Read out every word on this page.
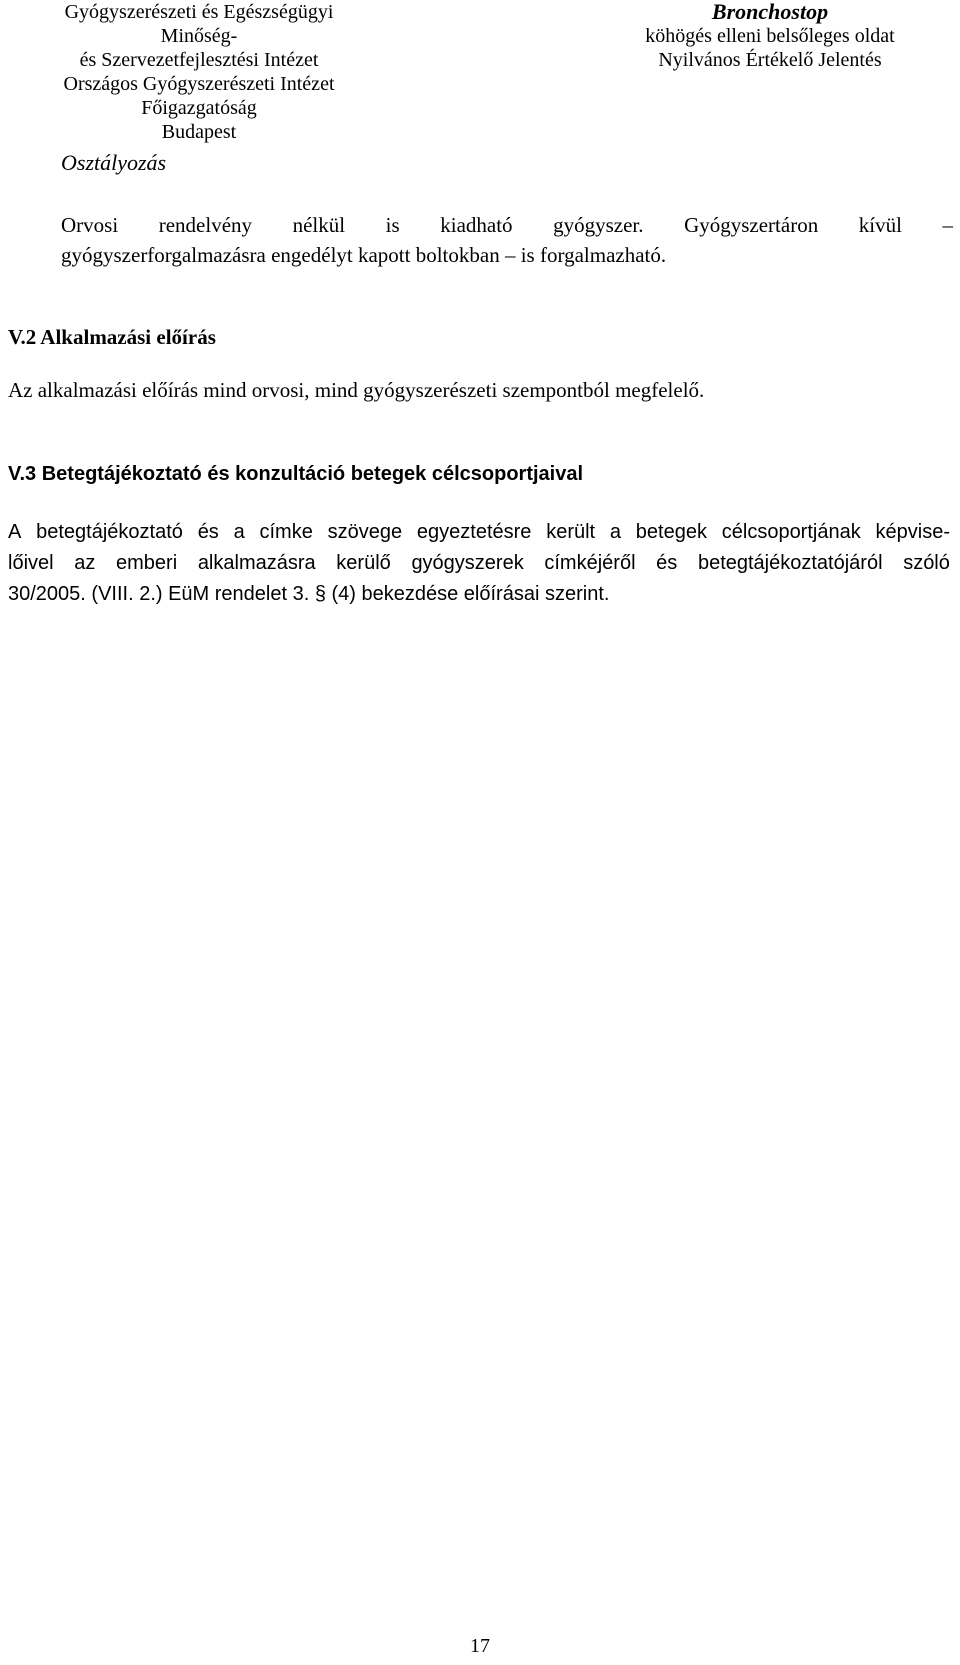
Gyógyszerészeti és Egészségügyi Minőség-
és Szervezetfejlesztési Intézet
Országos Gyógyszerészeti Intézet
Főigazgatóság
Budapest
Bronchostop
köhögés elleni belsőleges oldat
Nyilvános Értékelő Jelentés
Osztályozás
Orvosi rendelvény nélkül is kiadható gyógyszer. Gyógyszertáron kívül –
gyógyszerforgalmazásra engedélyt kapott boltokban – is forgalmazható.
V.2 Alkalmazási előírás
Az alkalmazási előírás mind orvosi, mind gyógyszerészeti szempontból megfelelő.
V.3 Betegtájékoztató és konzultáció betegek célcsoportjaival
A betegtájékoztató és a címke szövege egyeztetésre került a betegek célcsoportjának képvise-
lőivel az emberi alkalmazásra kerülő gyógyszerek címkéjéről és betegtájékoztatójáról szóló
30/2005. (VIII. 2.) EüM rendelet 3. § (4) bekezdése előírásai szerint.
17
